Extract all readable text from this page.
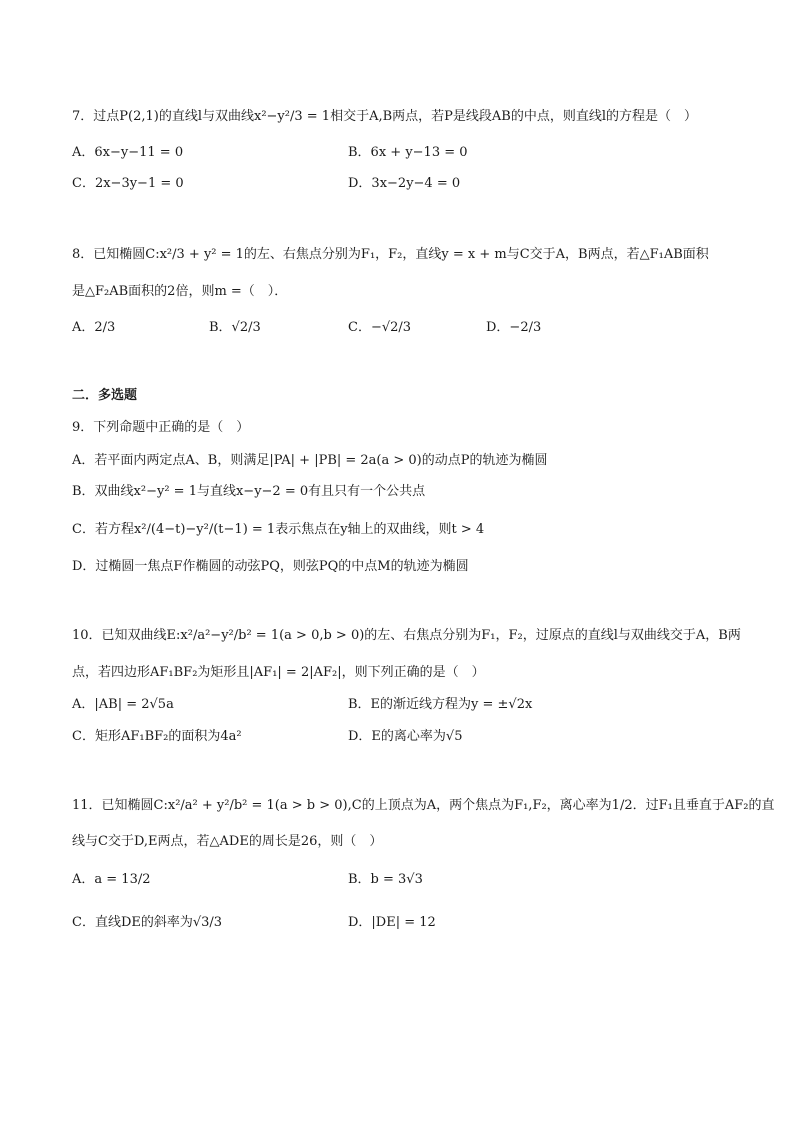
7．过点P(2,1)的直线l与双曲线x²−y²/3 = 1相交于A,B两点，若P是线段AB的中点，则直线l的方程是（　）
A．6x−y−11 = 0	B．6x + y−13 = 0
C．2x−3y−1 = 0	D．3x−2y−4 = 0
8．已知椭圆C:x²/3 + y² = 1的左、右焦点分别为F₁，F₂，直线y = x + m与C交于A，B两点，若△F₁AB面积
是△F₂AB面积的2倍，则m =（　）．
A．2/3	B．√2/3	C．−√2/3	D．−2/3
二．多选题
9．下列命题中正确的是（　）
A．若平面内两定点A、B，则满足|PA| + |PB| = 2a(a > 0)的动点P的轨迹为椭圆
B．双曲线x²−y² = 1与直线x−y−2 = 0有且只有一个公共点
C．若方程x²/(4−t)−y²/(t−1) = 1表示焦点在y轴上的双曲线，则t > 4
D．过椭圆一焦点F作椭圆的动弦PQ，则弦PQ的中点M的轨迹为椭圆
10．已知双曲线E:x²/a²−y²/b² = 1(a > 0,b > 0)的左、右焦点分别为F₁，F₂，过原点的直线l与双曲线交于A，B两
点，若四边形AF₁BF₂为矩形且|AF₁| = 2|AF₂|，则下列正确的是（　）
A．|AB| = 2√5a	B．E的渐近线方程为y = ±√2x
C．矩形AF₁BF₂的面积为4a²	D．E的离心率为√5
11．已知椭圆C:x²/a² + y²/b² = 1(a > b > 0),C的上顶点为A，两个焦点为F₁,F₂，离心率为1/2．过F₁且垂直于AF₂的直
线与C交于D,E两点，若△ADE的周长是26，则（　）
A．a = 13/2	B．b = 3√3
C．直线DE的斜率为√3/3	D．|DE| = 12
